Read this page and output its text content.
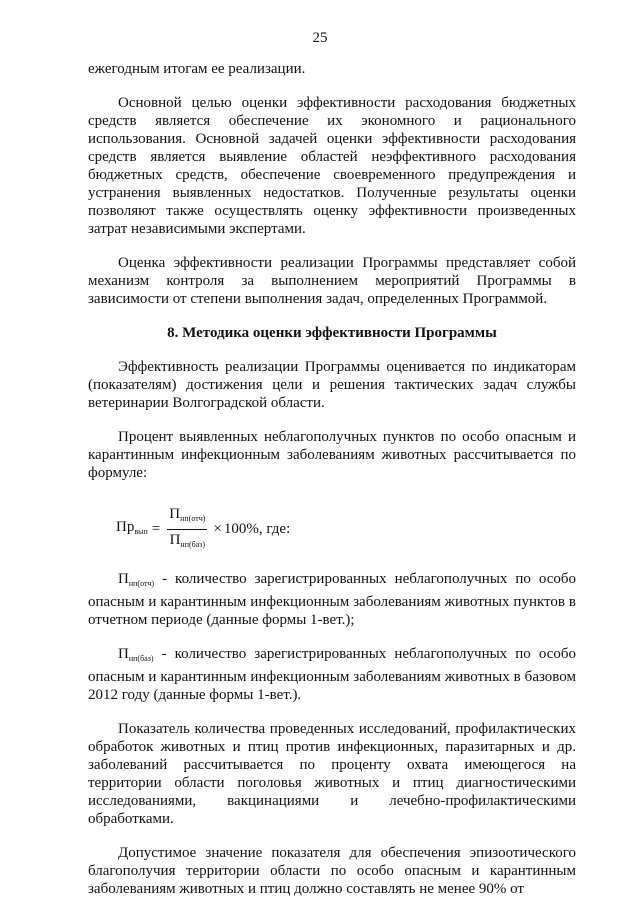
25

ежегодным итогам ее реализации.

Основной целью оценки эффективности расходования бюджетных средств является обеспечение их экономного и рационального использования. Основной задачей оценки эффективности расходования средств является выявление областей неэффективного расходования бюджетных средств, обеспечение своевременного предупреждения и устранения выявленных недостатков. Полученные результаты оценки позволяют также осуществлять оценку эффективности произведенных затрат независимыми экспертами.

Оценка эффективности реализации Программы представляет собой механизм контроля за выполнением мероприятий Программы в зависимости от степени выполнения задач, определенных Программой.

8. Методика оценки эффективности Программы

Эффективность реализации Программы оценивается по индикаторам (показателям) достижения цели и решения тактических задач службы ветеринарии Волгоградской области.

Процент выявленных неблагополучных пунктов по особо опасным и карантинным инфекционным заболеваниям животных рассчитывается по формуле:

$Пр_{вып} = \frac{П_{нп(отч)}}{П_{нп(баз)}} \times 100\%$, где:

$П_{нп(отч)}$ - количество зарегистрированных неблагополучных по особо опасным и карантинным инфекционным заболеваниям животных пунктов в отчетном периоде (данные формы 1-вет.);

$П_{нп(баз)}$ - количество зарегистрированных неблагополучных по особо опасным и карантинным инфекционным заболеваниям животных в базовом 2012 году (данные формы 1-вет.).

Показатель количества проведенных исследований, профилактических обработок животных и птиц против инфекционных, паразитарных и др. заболеваний рассчитывается по проценту охвата имеющегося на территории области поголовья животных и птиц диагностическими исследованиями, вакцинациями и лечебно-профилактическими обработками.

Допустимое значение показателя для обеспечения эпизоотического благополучия территории области по особо опасным и карантинным заболеваниям животных и птиц должно составлять не менее 90% от
